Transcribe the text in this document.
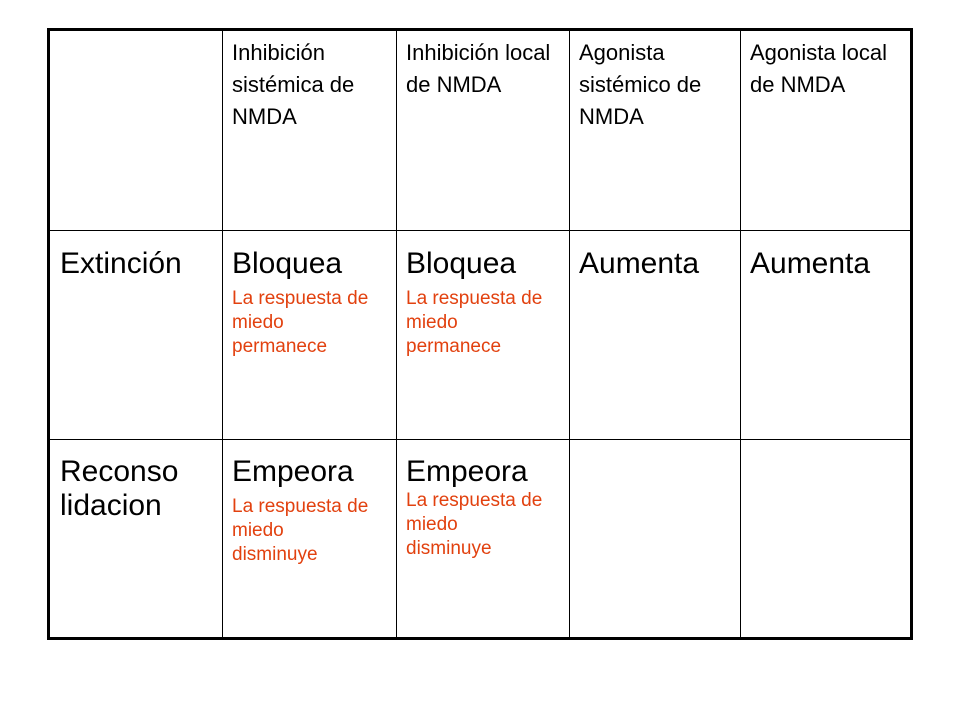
Inhibición sistémica de NMDA
Inhibición local de NMDA
Agonista sistémico de NMDA
Agonista local de NMDA
Extinción	Bloquea
La respuesta de miedo permanece
Bloquea
La respuesta de miedo permanece
Aumenta	Aumenta
Reconso
lidacion
Empeora
La respuesta de miedo disminuye
Empeora
La respuesta de miedo disminuye
